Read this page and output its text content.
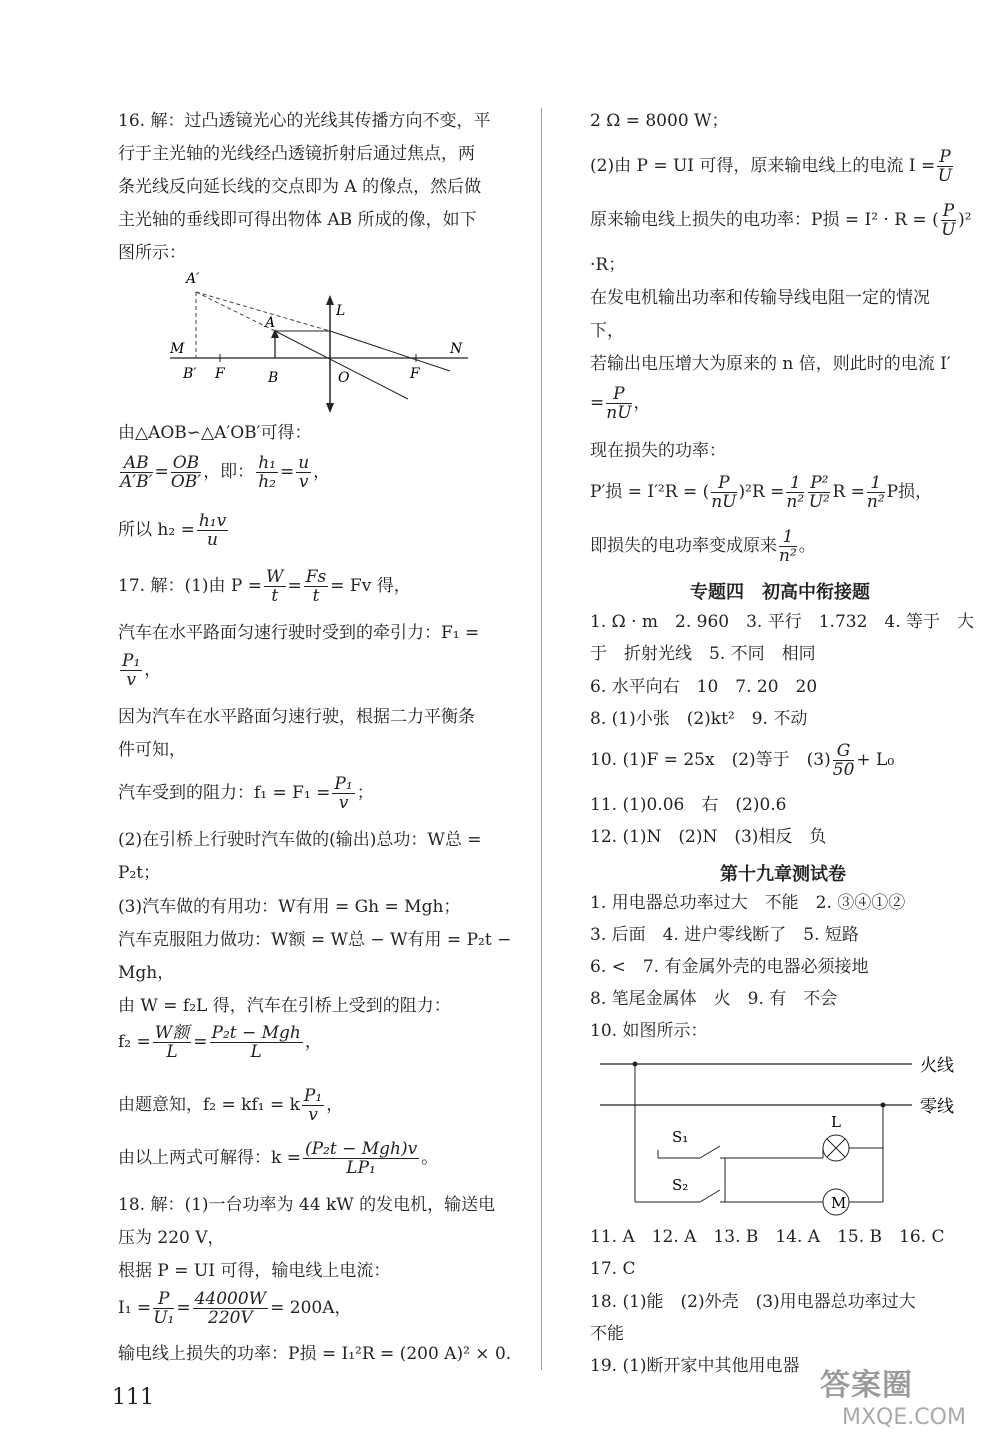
16. 解：过凸透镜光心的光线其传播方向不变，平
行于主光轴的光线经凸透镜折射后通过焦点，两
条光线反向延长线的交点即为 A 的像点，然后做
主光轴的垂线即可得出物体 AB 所成的像，如下
图所示：
A′
A
L
M	N
B′ F	B	O	F
由△AOB∽△A′OB′可得：
$\frac{AB}{A'B'} = \frac{OB}{OB'}$ ，即： $\frac{\text{h₁}}{\text{h₂}} = \frac{u}{v}$ ，
所以 $h_2 = \frac{\text{h₁v}}{u}$
17. 解：(1)由 $P = \frac{W}{t} = \frac{Fs}{t} = Fv$ 得，
汽车在水平路面匀速行驶时受到的牵引力：F₁ =
$\frac{\text{P₁}}{v}$ ，
因为汽车在水平路面匀速行驶，根据二力平衡条
件可知，
汽车受到的阻力：$f_1 = F_1 = \frac{\text{P₁}}{v}$ ；
(2)在引桥上行驶时汽车做的(输出)总功：W总 =
P₂t；
(3)汽车做的有用功：W有用 = Gh = Mgh；
汽车克服阻力做功：W额 = W总 − W有用 = P₂t −
Mgh，
由 W = f₂L 得，汽车在引桥上受到的阻力：
$f_2 = \frac{\text{W额}}{L} = \frac{\text{P₂t − Mgh}}{L}$ ，
由题意知，f₂ = kf₁ = k $\frac{\text{P₁}}{v}$ ，
由以上两式可解得：$k = \frac{\text{(P₂t − Mgh)v}}{\text{LP₁}}$ 。
18. 解：(1)一台功率为 44 kW 的发电机，输送电
压为 220 V，
根据 P = UI 可得，输电线上电流：
$I_1 = \frac{P}{\text{U₁}} = \frac{44000W}{220V} = 200A$，
输电线上损失的功率：P损 = I₁²R = (200 A)² × 0.
2 Ω = 8000 W；
(2)由 P = UI 可得，原来输电线上的电流 $I = \frac{P}{U}$
原来输电线上损失的电功率：P损 = I² · R = ( $\frac{P}{U} )^2$
·R；
在发电机输出功率和传输导线电阻一定的情况
下，
若输出电压增大为原来的 n 倍，则此时的电流 I′
= $\frac{P}{nU}$ ，
现在损失的功率：
P′损 = I′²R = ( $\frac{P}{nU} )^2R = \frac{1}{\text{n²}} \frac{\text{P²}}{\text{U²}}$ $R = \frac{1}{\text{n²}}$ P损，
即损失的电功率变成原来 $\frac{1}{\text{n²}}$ 。
专题四　初高中衔接题
1. Ω · m　2. 960　3. 平行　1.732　4. 等于　大
于　折射光线　5. 不同　相同
6. 水平向右　10　7. 20　20
8. (1)小张　(2)kt²　9. 不动
10. (1)F = 25x　(2)等于　$(3) \frac{G}{50} + L_0$
11. (1)0.06　右　(2)0.6
12. (1)N　(2)N　(3)相反　负
第十九章测试卷
1. 用电器总功率过大　不能　2. ③④①②
3. 后面　4. 进户零线断了　5. 短路
6. <　7. 有金属外壳的电器必须接地
8. 笔尾金属体　火　9. 有　不会
10. 如图所示：
火线
零线
M
L
S₁
S₂
11. A　12. A　13. B　14. A　15. B　16. C
17. C
18. (1)能　(2)外壳　(3)用电器总功率过大
不能
19. (1)断开家中其他用电器
111	答案圈
MXQE.COM
